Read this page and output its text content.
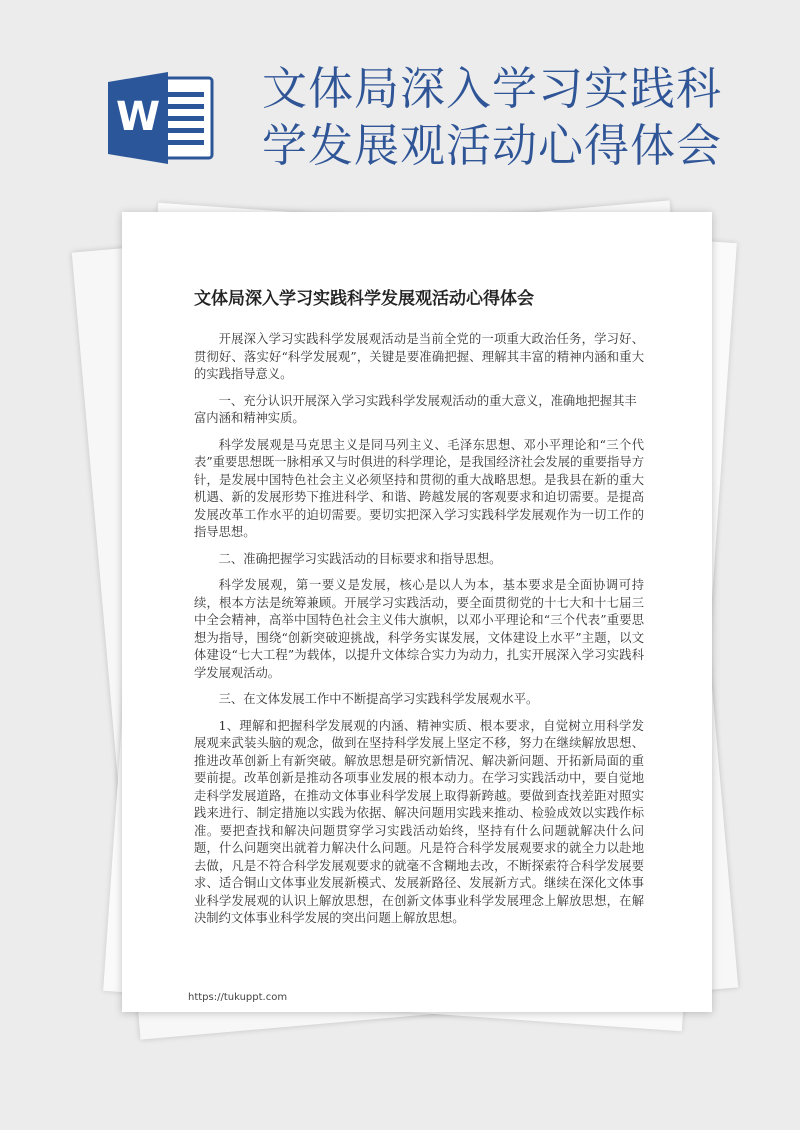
W
文体局深入学习实践科
学发展观活动心得体会
文体局深入学习实践科学发展观活动心得体会

开展深入学习实践科学发展观活动是当前全党的一项重大政治任务，学习好、贯彻好、落实好“科学发展观”，关键是要准确把握、理解其丰富的精神内涵和重大的实践指导意义。

一、充分认识开展深入学习实践科学发展观活动的重大意义，准确地把握其丰富内涵和精神实质。

科学发展观是马克思主义是同马列主义、毛泽东思想、邓小平理论和“三个代表”重要思想既一脉相承又与时俱进的科学理论，是我国经济社会发展的重要指导方针，是发展中国特色社会主义必须坚持和贯彻的重大战略思想。是我县在新的重大机遇、新的发展形势下推进科学、和谐、跨越发展的客观要求和迫切需要。是提高发展改革工作水平的迫切需要。要切实把深入学习实践科学发展观作为一切工作的指导思想。

二、准确把握学习实践活动的目标要求和指导思想。

科学发展观，第一要义是发展，核心是以人为本，基本要求是全面协调可持续，根本方法是统筹兼顾。开展学习实践活动，要全面贯彻党的十七大和十七届三中全会精神，高举中国特色社会主义伟大旗帜，以邓小平理论和“三个代表”重要思想为指导，围绕“创新突破迎挑战，科学务实谋发展，文体建设上水平”主题，以文体建设“七大工程”为载体，以提升文体综合实力为动力，扎实开展深入学习实践科学发展观活动。

三、在文体发展工作中不断提高学习实践科学发展观水平。

1、理解和把握科学发展观的内涵、精神实质、根本要求，自觉树立用科学发展观来武装头脑的观念，做到在坚持科学发展上坚定不移，努力在继续解放思想、推进改革创新上有新突破。解放思想是研究新情况、解决新问题、开拓新局面的重要前提。改革创新是推动各项事业发展的根本动力。在学习实践活动中，要自觉地走科学发展道路，在推动文体事业科学发展上取得新跨越。要做到查找差距对照实践来进行、制定措施以实践为依据、解决问题用实践来推动、检验成效以实践作标准。要把查找和解决问题贯穿学习实践活动始终，坚持有什么问题就解决什么问题，什么问题突出就着力解决什么问题。凡是符合科学发展观要求的就全力以赴地去做，凡是不符合科学发展观要求的就毫不含糊地去改，不断探索符合科学发展要求、适合铜山文体事业发展新模式、发展新路径、发展新方式。继续在深化文体事业科学发展观的认识上解放思想，在创新文体事业科学发展理念上解放思想，在解决制约文体事业科学发展的突出问题上解放思想。

https://tukuppt.com
